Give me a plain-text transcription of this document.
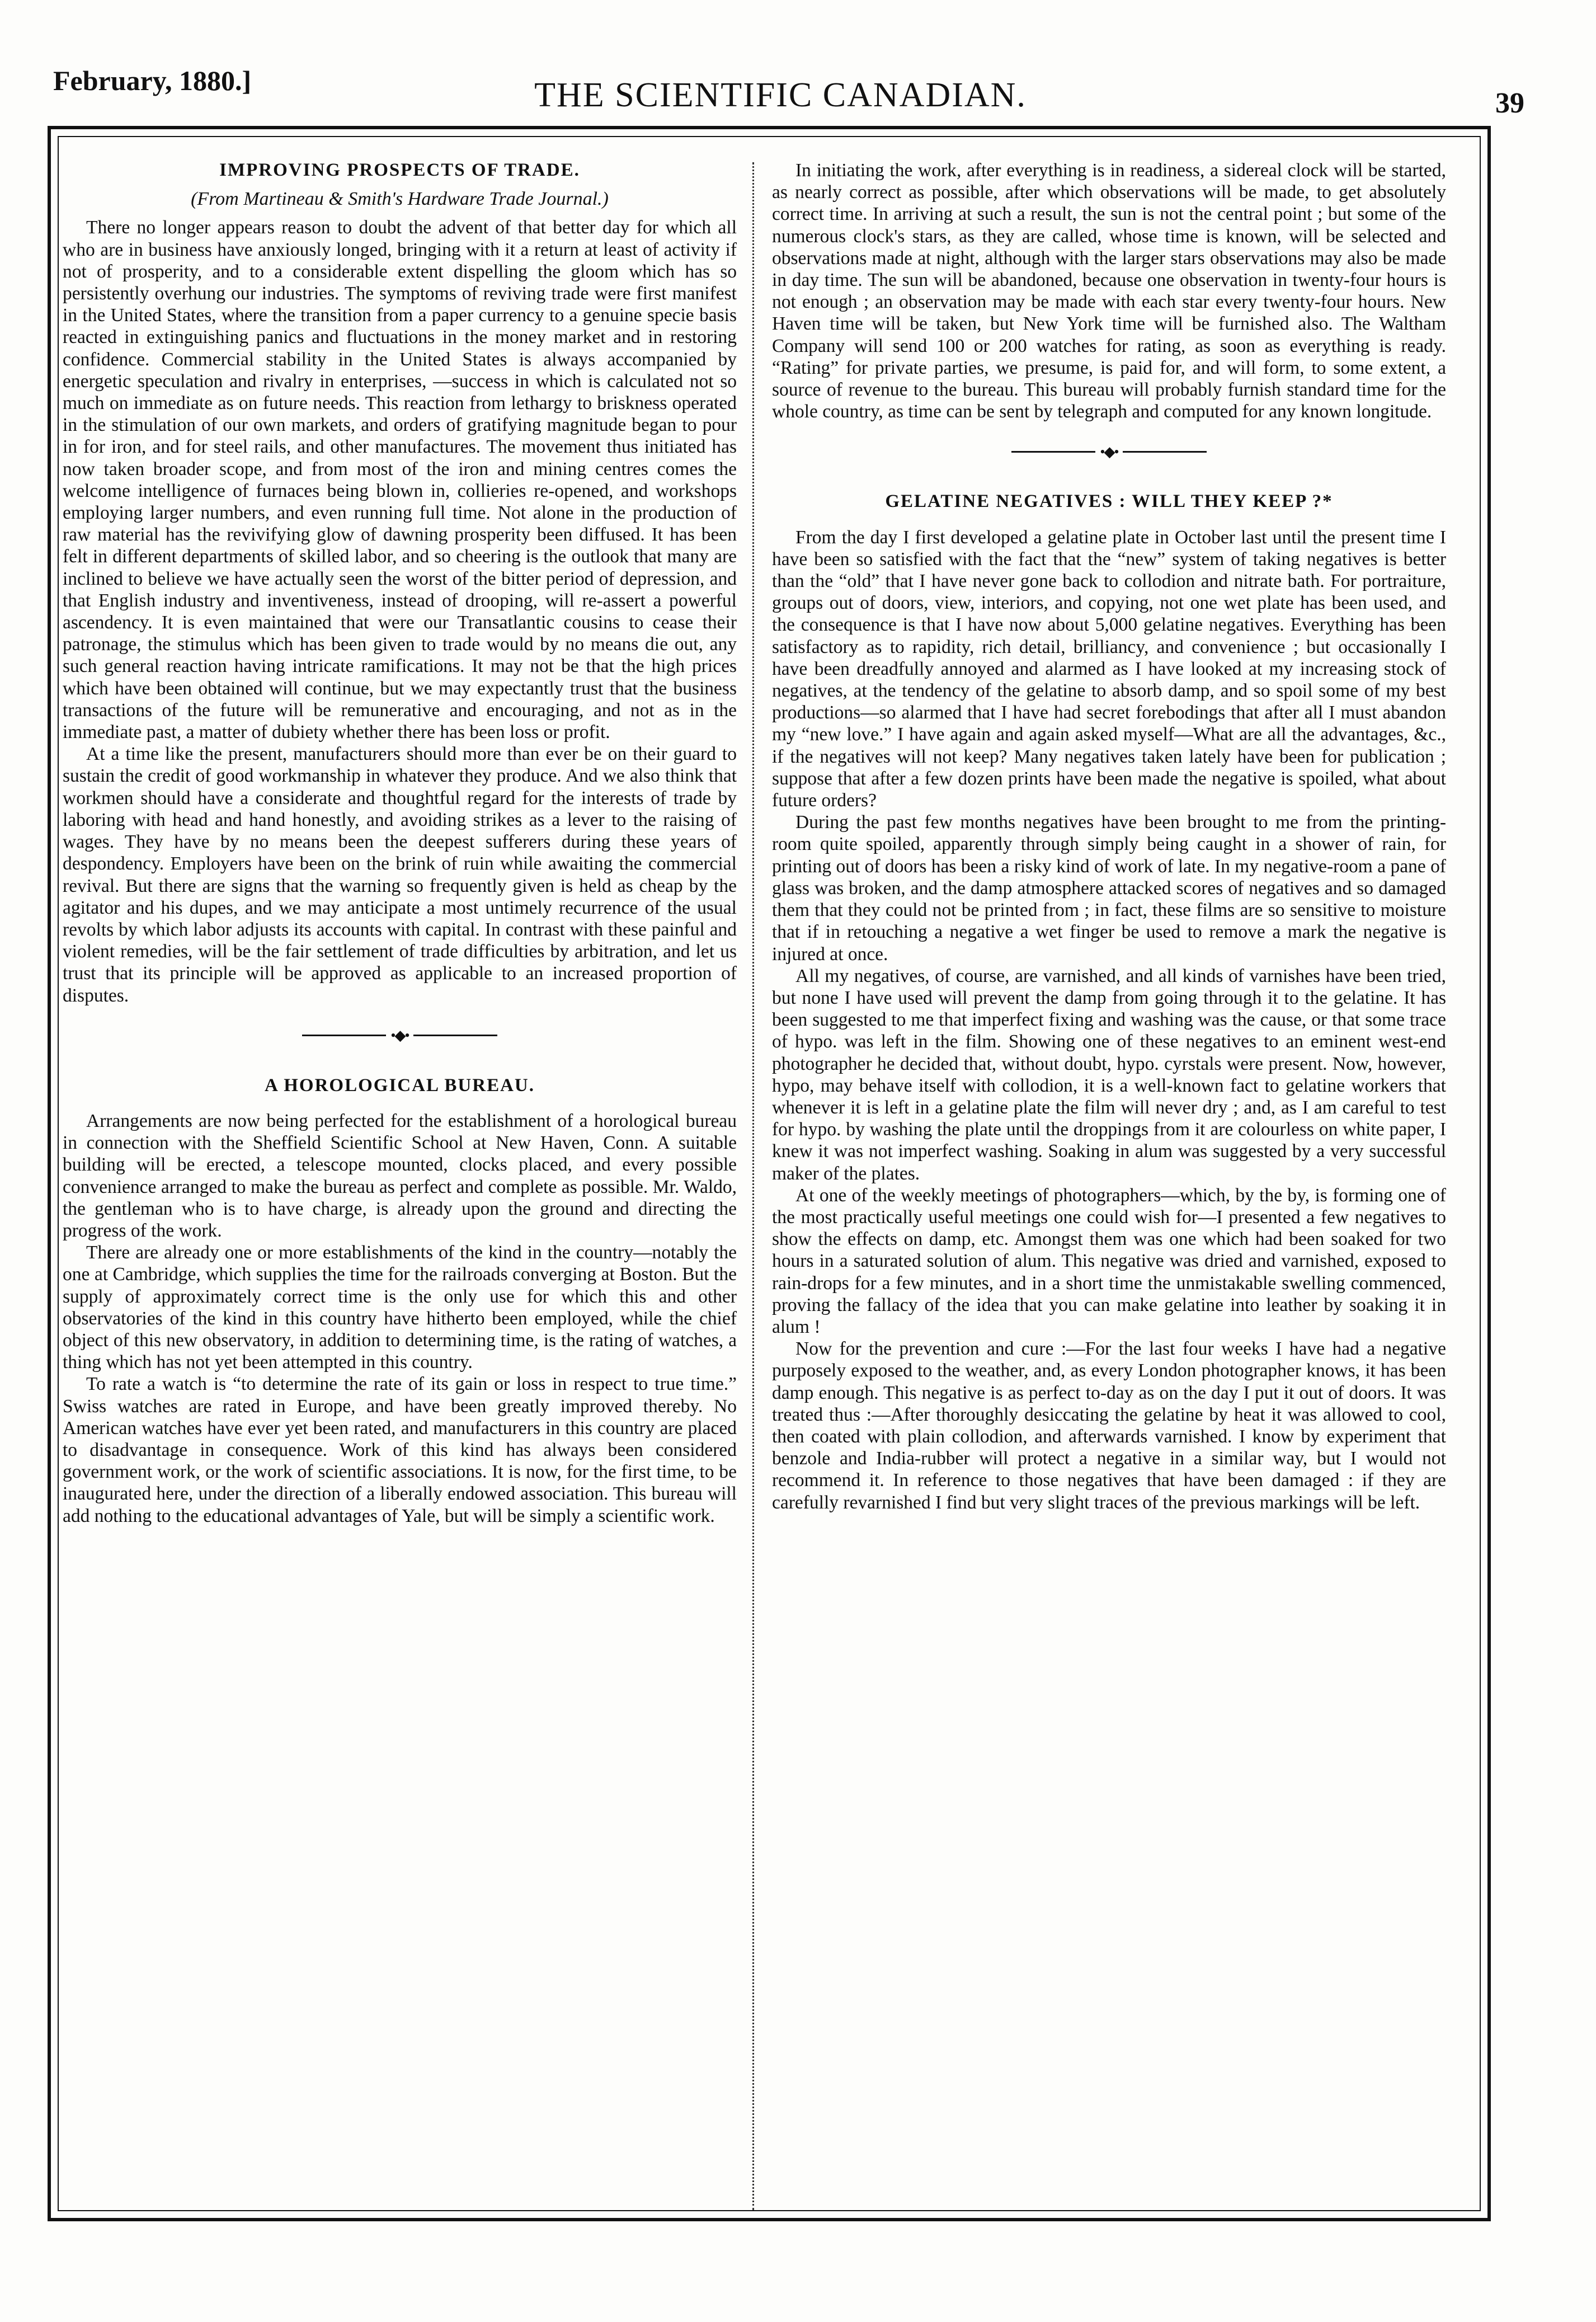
February, 1880.]	THE SCIENTIFIC CANADIAN.	39
IMPROVING PROSPECTS OF TRADE.
(From Martineau & Smith's Hardware Trade Journal.)

There no longer appears reason to doubt the advent of that better day for which all who are in business have anxiously longed, bringing with it a return at least of activity if not of prosperity, and to a considerable extent dispelling the gloom which has so persistently overhung our industries. The symptoms of reviving trade were first manifest in the United States, where the transition from a paper currency to a genuine specie basis reacted in extinguishing panics and fluctuations in the money market and in restoring confidence. Commercial stability in the United States is always accompanied by energetic speculation and rivalry in enterprises, —success in which is calculated not so much on immediate as on future needs. This reaction from lethargy to briskness operated in the stimulation of our own markets, and orders of gratifying magnitude began to pour in for iron, and for steel rails, and other manufactures. The movement thus initiated has now taken broader scope, and from most of the iron and mining centres comes the welcome intelligence of furnaces being blown in, collieries re-opened, and workshops employing larger numbers, and even running full time. Not alone in the production of raw material has the revivifying glow of dawning prosperity been diffused. It has been felt in different departments of skilled labor, and so cheering is the outlook that many are inclined to believe we have actually seen the worst of the bitter period of depression, and that English industry and inventiveness, instead of drooping, will re-assert a powerful ascendency. It is even maintained that were our Transatlantic cousins to cease their patronage, the stimulus which has been given to trade would by no means die out, any such general reaction having intricate ramifications. It may not be that the high prices which have been obtained will continue, but we may expectantly trust that the business transactions of the future will be remunerative and encouraging, and not as in the immediate past, a matter of dubiety whether there has been loss or profit.

At a time like the present, manufacturers should more than ever be on their guard to sustain the credit of good workmanship in whatever they produce. And we also think that workmen should have a considerate and thoughtful regard for the interests of trade by laboring with head and hand honestly, and avoiding strikes as a lever to the raising of wages. They have by no means been the deepest sufferers during these years of despondency. Employers have been on the brink of ruin while awaiting the commercial revival. But there are signs that the warning so frequently given is held as cheap by the agitator and his dupes, and we may anticipate a most untimely recurrence of the usual revolts by which labor adjusts its accounts with capital. In contrast with these painful and violent remedies, will be the fair settlement of trade difficulties by arbitration, and let us trust that its principle will be approved as applicable to an increased proportion of disputes.

•◆•
A HOROLOGICAL BUREAU.

Arrangements are now being perfected for the establishment of a horological bureau in connection with the Sheffield Scientific School at New Haven, Conn. A suitable building will be erected, a telescope mounted, clocks placed, and every possible convenience arranged to make the bureau as perfect and complete as possible. Mr. Waldo, the gentleman who is to have charge, is already upon the ground and directing the progress of the work.

There are already one or more establishments of the kind in the country—notably the one at Cambridge, which supplies the time for the railroads converging at Boston. But the supply of approximately correct time is the only use for which this and other observatories of the kind in this country have hitherto been employed, while the chief object of this new observatory, in addition to determining time, is the rating of watches, a thing which has not yet been attempted in this country.

To rate a watch is “to determine the rate of its gain or loss in respect to true time.” Swiss watches are rated in Europe, and have been greatly improved thereby. No American watches have ever yet been rated, and manufacturers in this country are placed to disadvantage in consequence. Work of this kind has always been considered government work, or the work of scientific associations. It is now, for the first time, to be inaugurated here, under the direction of a liberally endowed association. This bureau will add nothing to the educational advantages of Yale, but will be simply a scientific work.

In initiating the work, after everything is in readiness, a sidereal clock will be started, as nearly correct as possible, after which observations will be made, to get absolutely correct time. In arriving at such a result, the sun is not the central point ; but some of the numerous clock's stars, as they are called, whose time is known, will be selected and observations made at night, although with the larger stars observations may also be made in day time. The sun will be abandoned, because one observation in twenty-four hours is not enough ; an observation may be made with each star every twenty-four hours. New Haven time will be taken, but New York time will be furnished also. The Waltham Company will send 100 or 200 watches for rating, as soon as everything is ready. “Rating” for private parties, we presume, is paid for, and will form, to some extent, a source of revenue to the bureau. This bureau will probably furnish standard time for the whole country, as time can be sent by telegraph and computed for any known longitude.

•◆•
GELATINE NEGATIVES : WILL THEY KEEP ?*

From the day I first developed a gelatine plate in October last until the present time I have been so satisfied with the fact that the “new” system of taking negatives is better than the “old” that I have never gone back to collodion and nitrate bath. For portraiture, groups out of doors, view, interiors, and copying, not one wet plate has been used, and the consequence is that I have now about 5,000 gelatine negatives. Everything has been satisfactory as to rapidity, rich detail, brilliancy, and convenience ; but occasionally I have been dreadfully annoyed and alarmed as I have looked at my increasing stock of negatives, at the tendency of the gelatine to absorb damp, and so spoil some of my best productions—so alarmed that I have had secret forebodings that after all I must abandon my “new love.” I have again and again asked myself—What are all the advantages, &c., if the negatives will not keep? Many negatives taken lately have been for publication ; suppose that after a few dozen prints have been made the negative is spoiled, what about future orders?

During the past few months negatives have been brought to me from the printing-room quite spoiled, apparently through simply being caught in a shower of rain, for printing out of doors has been a risky kind of work of late. In my negative-room a pane of glass was broken, and the damp atmosphere attacked scores of negatives and so damaged them that they could not be printed from ; in fact, these films are so sensitive to moisture that if in retouching a negative a wet finger be used to remove a mark the negative is injured at once.

All my negatives, of course, are varnished, and all kinds of varnishes have been tried, but none I have used will prevent the damp from going through it to the gelatine. It has been suggested to me that imperfect fixing and washing was the cause, or that some trace of hypo. was left in the film. Showing one of these negatives to an eminent west-end photographer he decided that, without doubt, hypo. cyrstals were present. Now, however, hypo, may behave itself with collodion, it is a well-known fact to gelatine workers that whenever it is left in a gelatine plate the film will never dry ; and, as I am careful to test for hypo. by washing the plate until the droppings from it are colourless on white paper, I knew it was not imperfect washing. Soaking in alum was suggested by a very successful maker of the plates.

At one of the weekly meetings of photographers—which, by the by, is forming one of the most practically useful meetings one could wish for—I presented a few negatives to show the effects on damp, etc. Amongst them was one which had been soaked for two hours in a saturated solution of alum. This negative was dried and varnished, exposed to rain-drops for a few minutes, and in a short time the unmistakable swelling commenced, proving the fallacy of the idea that you can make gelatine into leather by soaking it in alum !

Now for the prevention and cure :—For the last four weeks I have had a negative purposely exposed to the weather, and, as every London photographer knows, it has been damp enough. This negative is as perfect to-day as on the day I put it out of doors. It was treated thus :—After thoroughly desiccating the gelatine by heat it was allowed to cool, then coated with plain collodion, and afterwards varnished. I know by experiment that benzole and India-rubber will protect a negative in a similar way, but I would not recommend it. In reference to those negatives that have been damaged : if they are carefully revarnished I find but very slight traces of the previous markings will be left.
